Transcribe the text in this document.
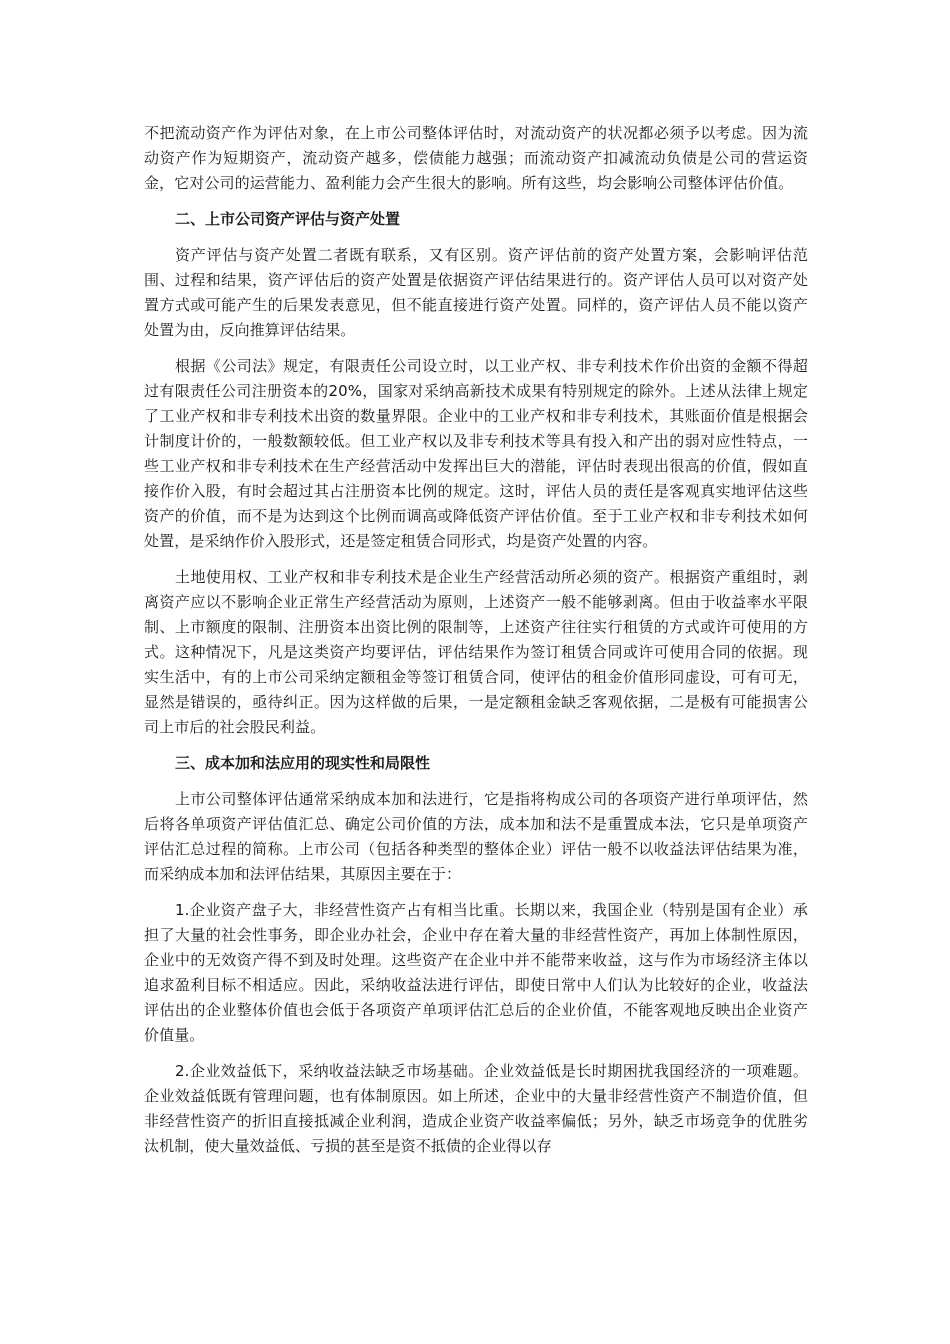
不把流动资产作为评估对象，在上市公司整体评估时，对流动资产的状况都必须予以考虑。因为流动资产作为短期资产，流动资产越多，偿债能力越强；而流动资产扣减流动负债是公司的营运资金，它对公司的运营能力、盈利能力会产生很大的影响。所有这些，均会影响公司整体评估价值。

二、上市公司资产评估与资产处置

资产评估与资产处置二者既有联系，又有区别。资产评估前的资产处置方案，会影响评估范围、过程和结果，资产评估后的资产处置是依据资产评估结果进行的。资产评估人员可以对资产处置方式或可能产生的后果发表意见，但不能直接进行资产处置。同样的，资产评估人员不能以资产处置为由，反向推算评估结果。

根据《公司法》规定，有限责任公司设立时，以工业产权、非专利技术作价出资的金额不得超过有限责任公司注册资本的20%，国家对采纳高新技术成果有特别规定的除外。上述从法律上规定了工业产权和非专利技术出资的数量界限。企业中的工业产权和非专利技术，其账面价值是根据会计制度计价的，一般数额较低。但工业产权以及非专利技术等具有投入和产出的弱对应性特点，一些工业产权和非专利技术在生产经营活动中发挥出巨大的潜能，评估时表现出很高的价值，假如直接作价入股，有时会超过其占注册资本比例的规定。这时，评估人员的责任是客观真实地评估这些资产的价值，而不是为达到这个比例而调高或降低资产评估价值。至于工业产权和非专利技术如何处置，是采纳作价入股形式，还是签定租赁合同形式，均是资产处置的内容。

土地使用权、工业产权和非专利技术是企业生产经营活动所必须的资产。根据资产重组时，剥离资产应以不影响企业正常生产经营活动为原则，上述资产一般不能够剥离。但由于收益率水平限制、上市额度的限制、注册资本出资比例的限制等，上述资产往往实行租赁的方式或许可使用的方式。这种情况下，凡是这类资产均要评估，评估结果作为签订租赁合同或许可使用合同的依据。现实生活中，有的上市公司采纳定额租金等签订租赁合同，使评估的租金价值形同虚设，可有可无，显然是错误的，亟待纠正。因为这样做的后果，一是定额租金缺乏客观依据，二是极有可能损害公司上市后的社会股民利益。

三、成本加和法应用的现实性和局限性

上市公司整体评估通常采纳成本加和法进行，它是指将构成公司的各项资产进行单项评估，然后将各单项资产评估值汇总、确定公司价值的方法，成本加和法不是重置成本法，它只是单项资产评估汇总过程的简称。上市公司（包括各种类型的整体企业）评估一般不以收益法评估结果为准，而采纳成本加和法评估结果，其原因主要在于：

1.企业资产盘子大，非经营性资产占有相当比重。长期以来，我国企业（特别是国有企业）承担了大量的社会性事务，即企业办社会，企业中存在着大量的非经营性资产，再加上体制性原因，企业中的无效资产得不到及时处理。这些资产在企业中并不能带来收益，这与作为市场经济主体以追求盈利目标不相适应。因此，采纳收益法进行评估，即使日常中人们认为比较好的企业，收益法评估出的企业整体价值也会低于各项资产单项评估汇总后的企业价值，不能客观地反映出企业资产价值量。

2.企业效益低下，采纳收益法缺乏市场基础。企业效益低是长时期困扰我国经济的一项难题。企业效益低既有管理问题，也有体制原因。如上所述，企业中的大量非经营性资产不制造价值，但非经营性资产的折旧直接抵减企业利润，造成企业资产收益率偏低；另外，缺乏市场竞争的优胜劣汰机制，使大量效益低、亏损的甚至是资不抵债的企业得以存
